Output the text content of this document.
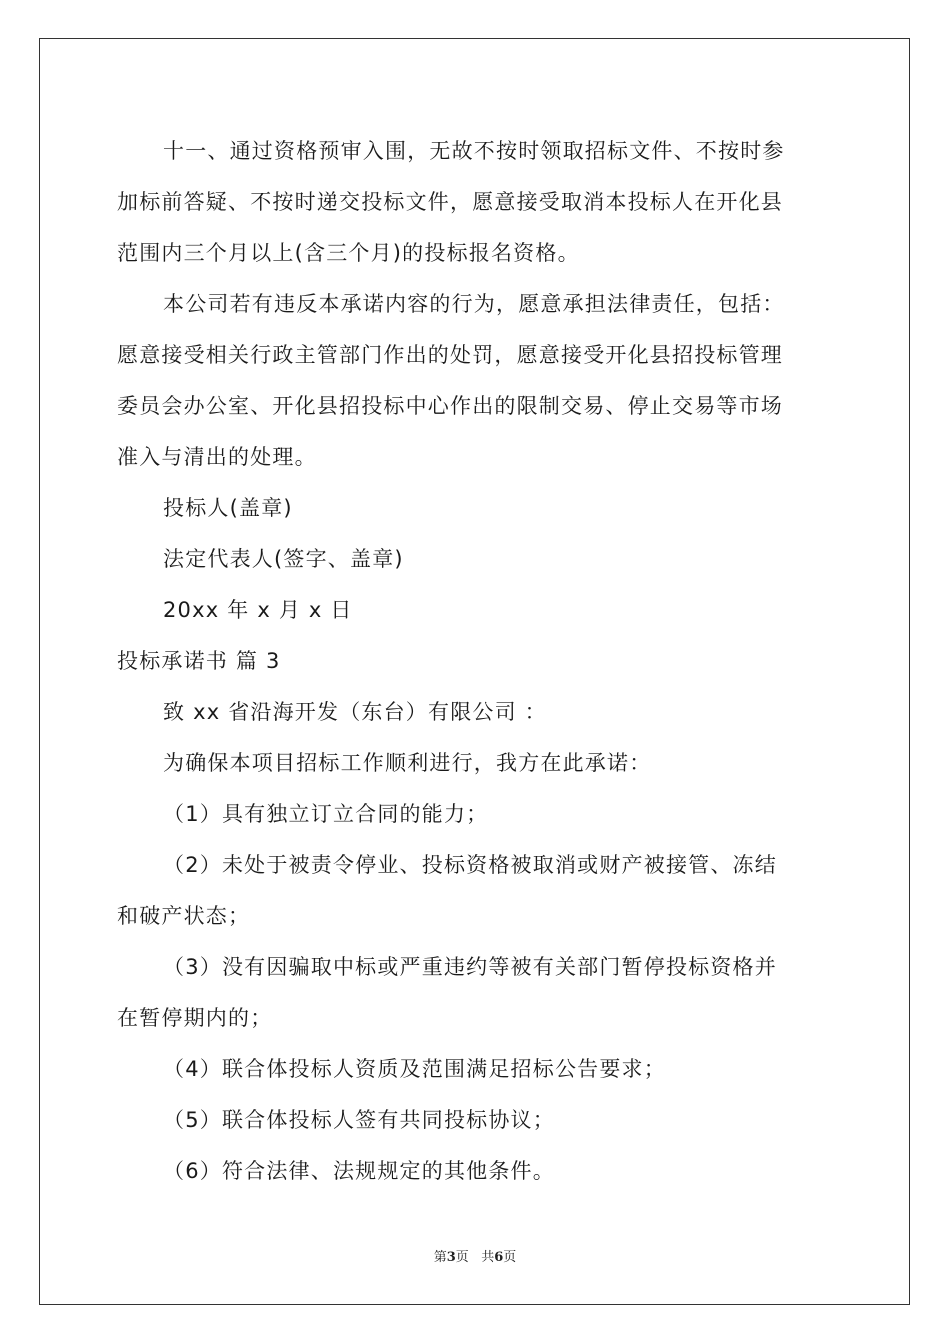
十一、通过资格预审入围，无故不按时领取招标文件、不按时参
加标前答疑、不按时递交投标文件，愿意接受取消本投标人在开化县
范围内三个月以上(含三个月)的投标报名资格。
本公司若有违反本承诺内容的行为，愿意承担法律责任，包括：
愿意接受相关行政主管部门作出的处罚，愿意接受开化县招投标管理
委员会办公室、开化县招投标中心作出的限制交易、停止交易等市场
准入与清出的处理。
投标人(盖章)
法定代表人(签字、盖章)
20xx 年 x 月 x 日
投标承诺书 篇 3
致 xx 省沿海开发（东台）有限公司 ：
为确保本项目招标工作顺利进行，我方在此承诺：
（1）具有独立订立合同的能力；
（2）未处于被责令停业、投标资格被取消或财产被接管、冻结
和破产状态；
（3）没有因骗取中标或严重违约等被有关部门暂停投标资格并
在暂停期内的；
（4）联合体投标人资质及范围满足招标公告要求；
（5）联合体投标人签有共同投标协议；
（6）符合法律、法规规定的其他条件。
第3页   共6页
